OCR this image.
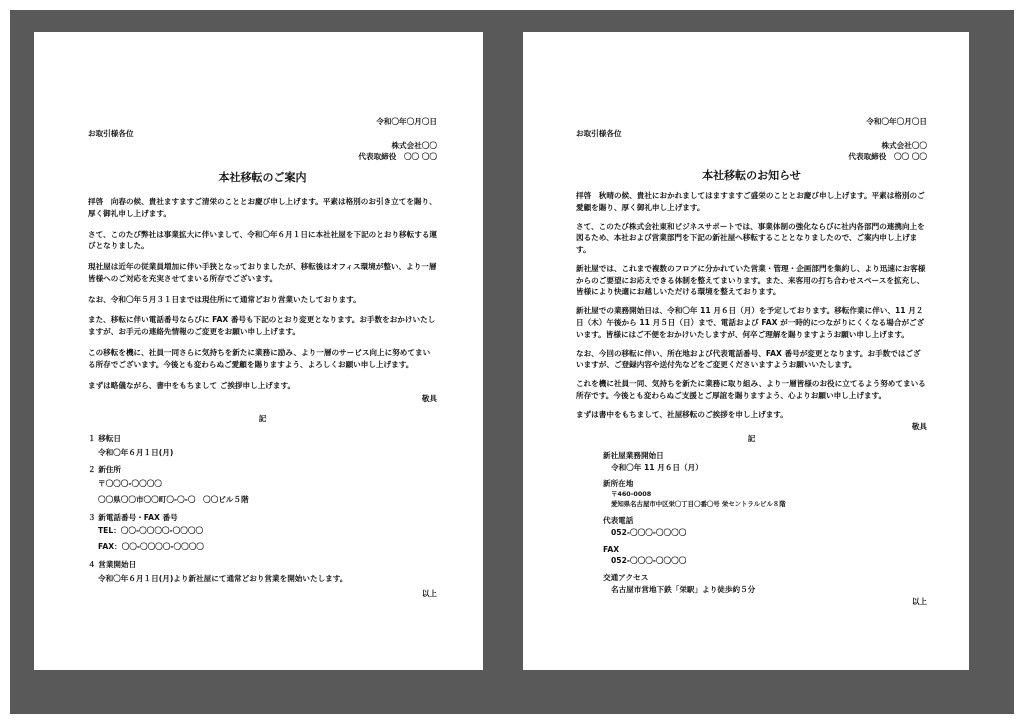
令和〇年〇月〇日
お取引様各位
株式会社〇〇
代表取締役　〇〇 〇〇
本社移転のご案内
拝啓　向春の候、貴社ますますご清栄のこととお慶び申し上げます。平素は格別のお引き立てを賜り、厚く御礼申し上げます。
さて、このたび弊社は事業拡大に伴いまして、令和〇年６月１日に本社社屋を下記のとおり移転する運びとなりました。
現社屋は近年の従業員増加に伴い手狭となっておりましたが、移転後はオフィス環境が整い、より一層皆様へのご対応を充実させてまいる所存でございます。
なお、令和〇年５月３１日までは現住所にて通常どおり営業いたしております。
また、移転に伴い電話番号ならびに FAX 番号も下記のとおり変更となります。お手数をおかけいたしますが、お手元の連絡先情報のご変更をお願い申し上げます。
この移転を機に、社員一同さらに気持ちを新たに業務に励み、より一層のサービス向上に努めてまいる所存でございます。今後とも変わらぬご愛顧を賜りますよう、よろしくお願い申し上げます。
まずは略儀ながら、書中をもちまして ご挨拶申し上げます。
敬具
記
１ 移転日
令和〇年６月１日(月)
２ 新住所
〒〇〇〇-〇〇〇〇
〇〇県〇〇市〇〇町〇-〇-〇　〇〇ビル５階
３ 新電話番号・FAX 番号
TEL：〇〇-〇〇〇〇-〇〇〇〇
FAX：〇〇-〇〇〇〇-〇〇〇〇
４ 営業開始日
令和〇年６月１日(月)より新社屋にて通常どおり営業を開始いたします。
以上
令和〇年〇月〇日
お取引様各位
株式会社〇〇
代表取締役　〇〇 〇〇
本社移転のお知らせ
拝啓　秋晴の候、貴社におかれましてはますますご盛栄のこととお慶び申し上げます。平素は格別のご愛顧を賜り、厚く御礼申し上げます。
さて、このたび株式会社東和ビジネスサポートでは、事業体制の強化ならびに社内各部門の連携向上を図るため、本社および営業部門を下記の新社屋へ移転することとなりましたので、ご案内申し上げます。
新社屋では、これまで複数のフロアに分かれていた営業・管理・企画部門を集約し、より迅速にお客様からのご要望にお応えできる体制を整えてまいります。また、来客用の打ち合わせスペースを拡充し、皆様により快適にお越しいただける環境を整えております。
新社屋での業務開始日は、令和〇年 11 月６日（月）を予定しております。移転作業に伴い、11 月２日（木）午後から 11 月５日（日）まで、電話および FAX が一時的につながりにくくなる場合がございます。皆様にはご不便をおかけいたしますが、何卒ご理解を賜りますようお願い申し上げます。
なお、今回の移転に伴い、所在地および代表電話番号、FAX 番号が変更となります。お手数ではございますが、ご登録内容や送付先などをご変更くださいますようお願いいたします。
これを機に社員一同、気持ちを新たに業務に取り組み、より一層皆様のお役に立てるよう努めてまいる所存です。今後とも変わらぬご支援とご厚誼を賜りますよう、心よりお願い申し上げます。
まずは書中をもちまして、社屋移転のご挨拶を申し上げます。
敬具
記
新社屋業務開始日
令和〇年 11 月６日（月）
新所在地
〒460-0008
愛知県名古屋市中区栄〇丁目〇番〇号 栄セントラルビル８階
代表電話
052-〇〇〇-〇〇〇〇
FAX
052-〇〇〇-〇〇〇〇
交通アクセス
名古屋市営地下鉄「栄駅」より徒歩約５分
以上
